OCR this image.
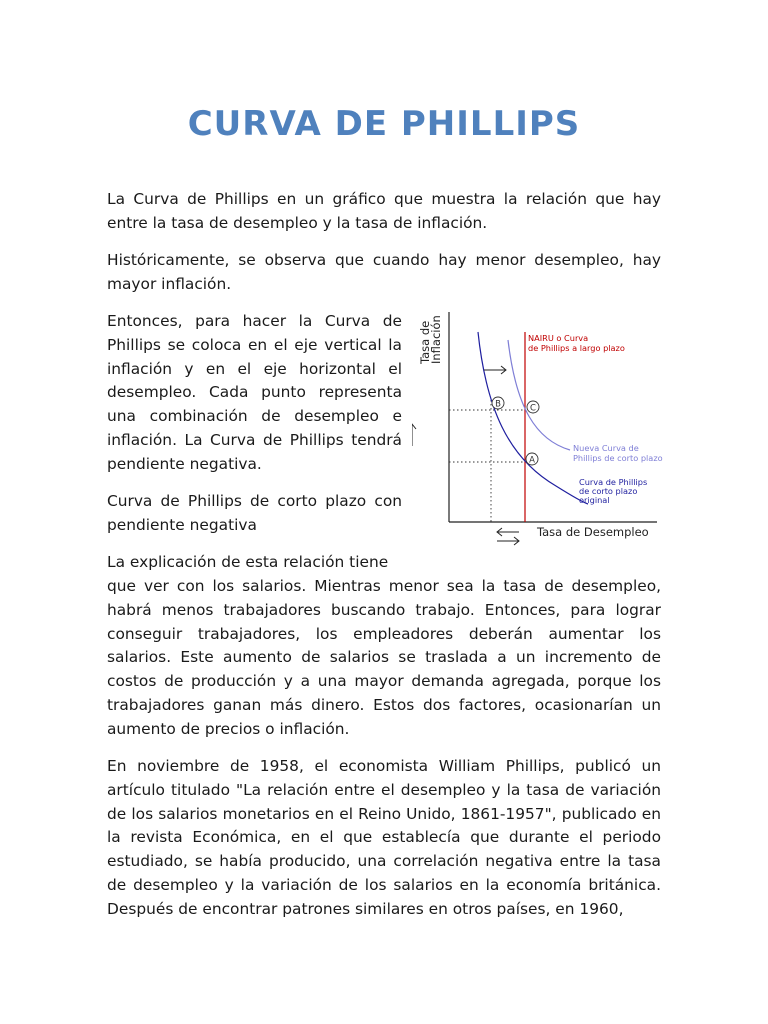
CURVA DE PHILLIPS

La Curva de Phillips en un gráfico que muestra la relación que hay entre la tasa de desempleo y la tasa de inflación.

Históricamente, se observa que cuando hay menor desempleo, hay mayor inflación.

Entonces, para hacer la Curva de Phillips se coloca en el eje vertical la inflación y en el eje horizontal el desempleo. Cada punto representa una combinación de desempleo e inflación. La Curva de Phillips tendrá pendiente negativa.

Curva de Phillips de corto plazo con pendiente negativa

La explicación de esta relación tiene

que ver con los salarios. Mientras menor sea la tasa de desempleo, habrá menos trabajadores buscando trabajo. Entonces, para lograr conseguir trabajadores, los empleadores deberán aumentar los salarios. Este aumento de salarios se traslada a un incremento de costos de producción y a una mayor demanda agregada, porque los trabajadores ganan más dinero. Estos dos factores, ocasionarían un aumento de precios o inflación.

En noviembre de 1958, el economista William Phillips, publicó un artículo titulado "La relación entre el desempleo y la tasa de variación de los salarios monetarios en el Reino Unido, 1861-1957", publicado en la revista Económica, en el que establecía que durante el periodo estudiado, se había producido, una correlación negativa entre la tasa de desempleo y la variación de los salarios en la economía británica. Después de encontrar patrones similares en otros países, en 1960,

Tasa de
Inflación
Tasa de Desempleo
NAIRU o Curva
de Phillips a largo plazo
Nueva Curva de
Phillips de corto plazo
Curva de Phillips
de corto plazo
original
B	C
A
